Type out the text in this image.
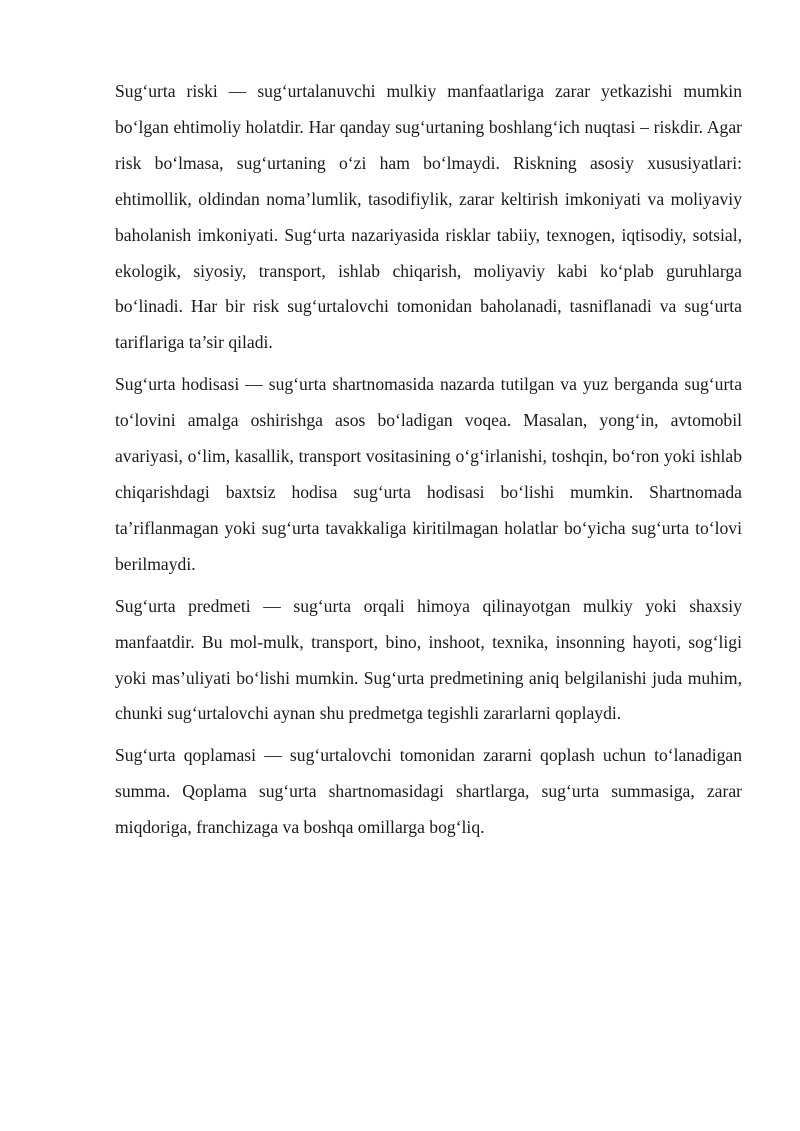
Sug‘urta riski — sug‘urtalanuvchi mulkiy manfaatlariga zarar yetkazishi mumkin bo‘lgan ehtimoliy holatdir. Har qanday sug‘urtaning boshlang‘ich nuqtasi – riskdir. Agar risk bo‘lmasa, sug‘urtaning o‘zi ham bo‘lmaydi. Riskning asosiy xususiyatlari: ehtimollik, oldindan noma’lumlik, tasodifiylik, zarar keltirish imkoniyati va moliyaviy baholanish imkoniyati. Sug‘urta nazariyasida risklar tabiiy, texnogen, iqtisodiy, sotsial, ekologik, siyosiy, transport, ishlab chiqarish, moliyaviy kabi ko‘plab guruhlarga bo‘linadi. Har bir risk sug‘urtalovchi tomonidan baholanadi, tasniflanadi va sug‘urta tariflariga ta’sir qiladi.

Sug‘urta hodisasi — sug‘urta shartnomasida nazarda tutilgan va yuz berganda sug‘urta to‘lovini amalga oshirishga asos bo‘ladigan voqea. Masalan, yong‘in, avtomobil avariyasi, o‘lim, kasallik, transport vositasining o‘g‘irlanishi, toshqin, bo‘ron yoki ishlab chiqarishdagi baxtsiz hodisa sug‘urta hodisasi bo‘lishi mumkin. Shartnomada ta’riflanmagan yoki sug‘urta tavakkaliga kiritilmagan holatlar bo‘yicha sug‘urta to‘lovi berilmaydi.

Sug‘urta predmeti — sug‘urta orqali himoya qilinayotgan mulkiy yoki shaxsiy manfaatdir. Bu mol-mulk, transport, bino, inshoot, texnika, insonning hayoti, sog‘ligi yoki mas’uliyati bo‘lishi mumkin. Sug‘urta predmetining aniq belgilanishi juda muhim, chunki sug‘urtalovchi aynan shu predmetga tegishli zararlarni qoplaydi.

Sug‘urta qoplamasi — sug‘urtalovchi tomonidan zararni qoplash uchun to‘lanadigan summa. Qoplama sug‘urta shartnomasidagi shartlarga, sug‘urta summasiga, zarar miqdoriga, franchizaga va boshqa omillarga bog‘liq.
